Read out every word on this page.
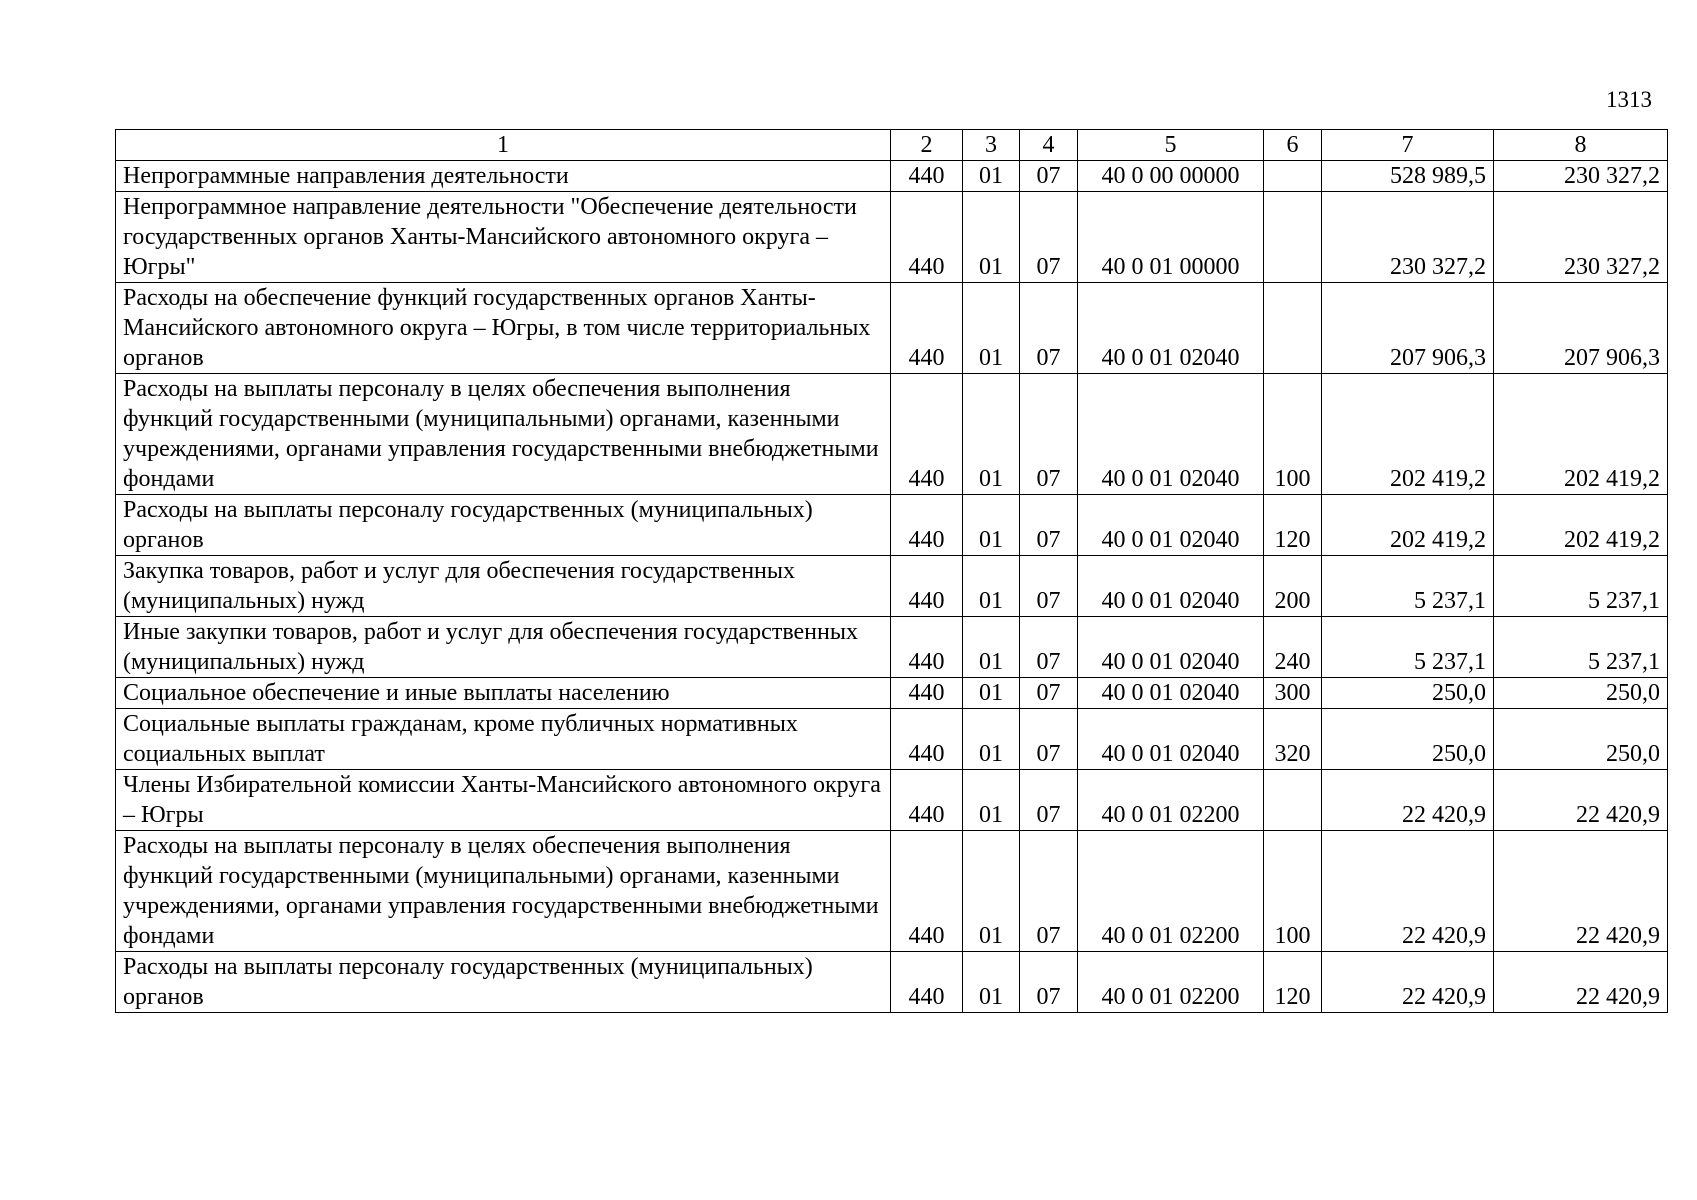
1313
1	2	3	4	5	6	7	8
Непрограммные направления деятельности	440	01	07	40 0 00 00000		528 989,5	230 327,2
Непрограммное направление деятельности "Обеспечение деятельности государственных органов Ханты-Мансийского автономного округа – Югры"	440	01	07	40 0 01 00000		230 327,2	230 327,2
Расходы на обеспечение функций государственных органов Ханты-Мансийского автономного округа – Югры, в том числе территориальных органов	440	01	07	40 0 01 02040		207 906,3	207 906,3
Расходы на выплаты персоналу в целях обеспечения выполнения функций государственными (муниципальными) органами, казенными учреждениями, органами управления государственными внебюджетными фондами	440	01	07	40 0 01 02040	100	202 419,2	202 419,2
Расходы на выплаты персоналу государственных (муниципальных) органов	440	01	07	40 0 01 02040	120	202 419,2	202 419,2
Закупка товаров, работ и услуг для обеспечения государственных (муниципальных) нужд	440	01	07	40 0 01 02040	200	5 237,1	5 237,1
Иные закупки товаров, работ и услуг для обеспечения государственных (муниципальных) нужд	440	01	07	40 0 01 02040	240	5 237,1	5 237,1
Социальное обеспечение и иные выплаты населению	440	01	07	40 0 01 02040	300	250,0	250,0
Социальные выплаты гражданам, кроме публичных нормативных социальных выплат	440	01	07	40 0 01 02040	320	250,0	250,0
Члены Избирательной комиссии Ханты-Мансийского автономного округа – Югры	440	01	07	40 0 01 02200		22 420,9	22 420,9
Расходы на выплаты персоналу в целях обеспечения выполнения функций государственными (муниципальными) органами, казенными учреждениями, органами управления государственными внебюджетными фондами	440	01	07	40 0 01 02200	100	22 420,9	22 420,9
Расходы на выплаты персоналу государственных (муниципальных) органов	440	01	07	40 0 01 02200	120	22 420,9	22 420,9
